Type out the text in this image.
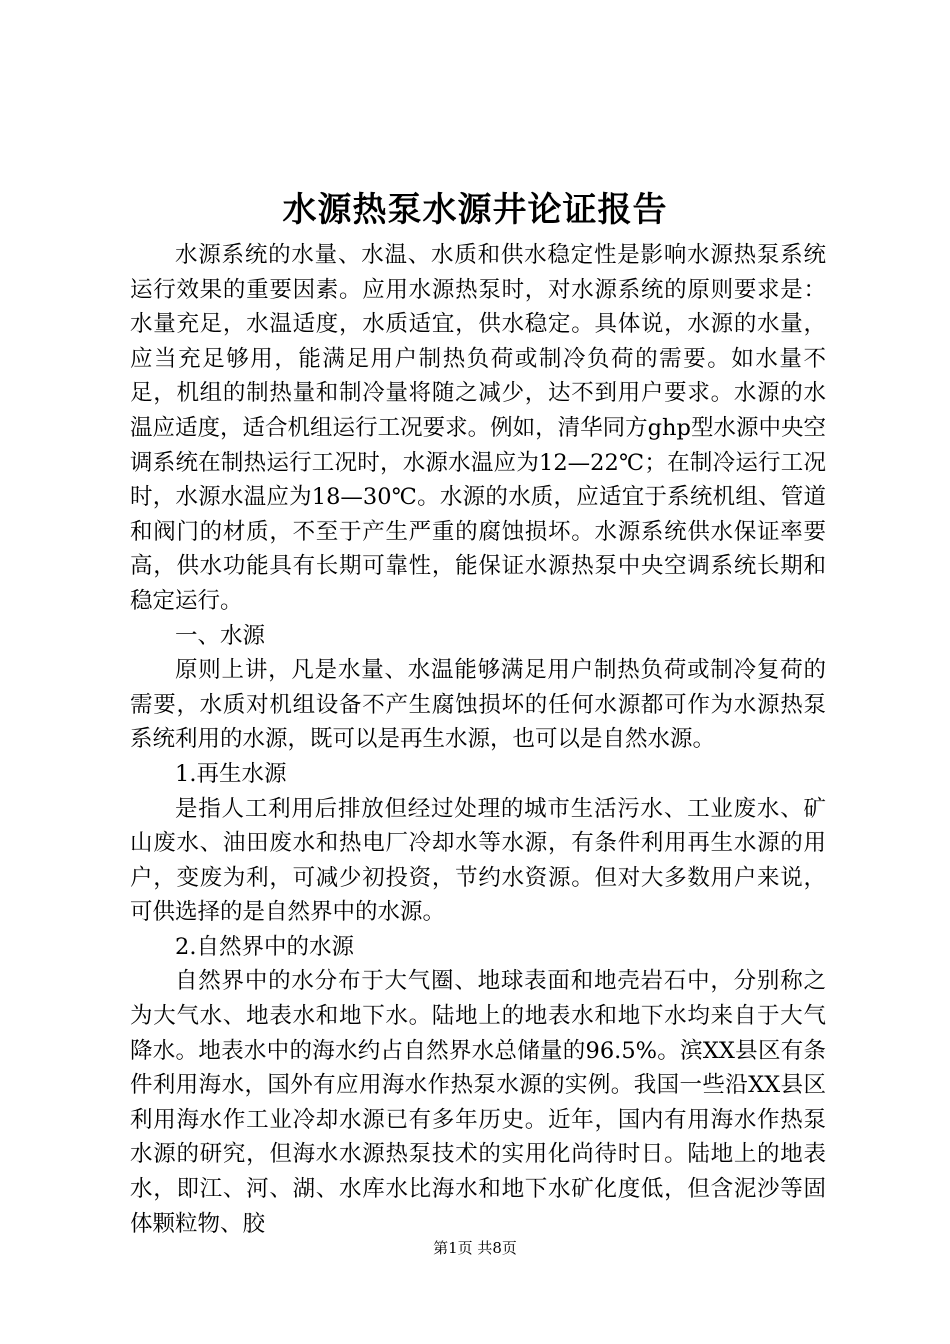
水源热泵水源井论证报告

水源系统的水量、水温、水质和供水稳定性是影响水源热泵系统运行效果的重要因素。应用水源热泵时，对水源系统的原则要求是：水量充足，水温适度，水质适宜，供水稳定。具体说，水源的水量，应当充足够用，能满足用户制热负荷或制冷负荷的需要。如水量不足，机组的制热量和制冷量将随之减少，达不到用户要求。水源的水温应适度，适合机组运行工况要求。例如，清华同方ghp型水源中央空调系统在制热运行工况时，水源水温应为12—22℃；在制冷运行工况时，水源水温应为18—30℃。水源的水质，应适宜于系统机组、管道和阀门的材质，不至于产生严重的腐蚀损坏。水源系统供水保证率要高，供水功能具有长期可靠性，能保证水源热泵中央空调系统长期和稳定运行。

一、水源

原则上讲，凡是水量、水温能够满足用户制热负荷或制冷复荷的需要，水质对机组设备不产生腐蚀损坏的任何水源都可作为水源热泵系统利用的水源，既可以是再生水源，也可以是自然水源。

1.再生水源

是指人工利用后排放但经过处理的城市生活污水、工业废水、矿山废水、油田废水和热电厂冷却水等水源，有条件利用再生水源的用户，变废为利，可减少初投资，节约水资源。但对大多数用户来说，可供选择的是自然界中的水源。

2.自然界中的水源

自然界中的水分布于大气圈、地球表面和地壳岩石中，分别称之为大气水、地表水和地下水。陆地上的地表水和地下水均来自于大气降水。地表水中的海水约占自然界水总储量的96.5%。滨XX县区有条件利用海水，国外有应用海水作热泵水源的实例。我国一些沿XX县区利用海水作工业冷却水源已有多年历史。近年，国内有用海水作热泵水源的研究，但海水水源热泵技术的实用化尚待时日。陆地上的地表水，即江、河、湖、水库水比海水和地下水矿化度低，但含泥沙等固体颗粒物、胶

第1页 共8页
